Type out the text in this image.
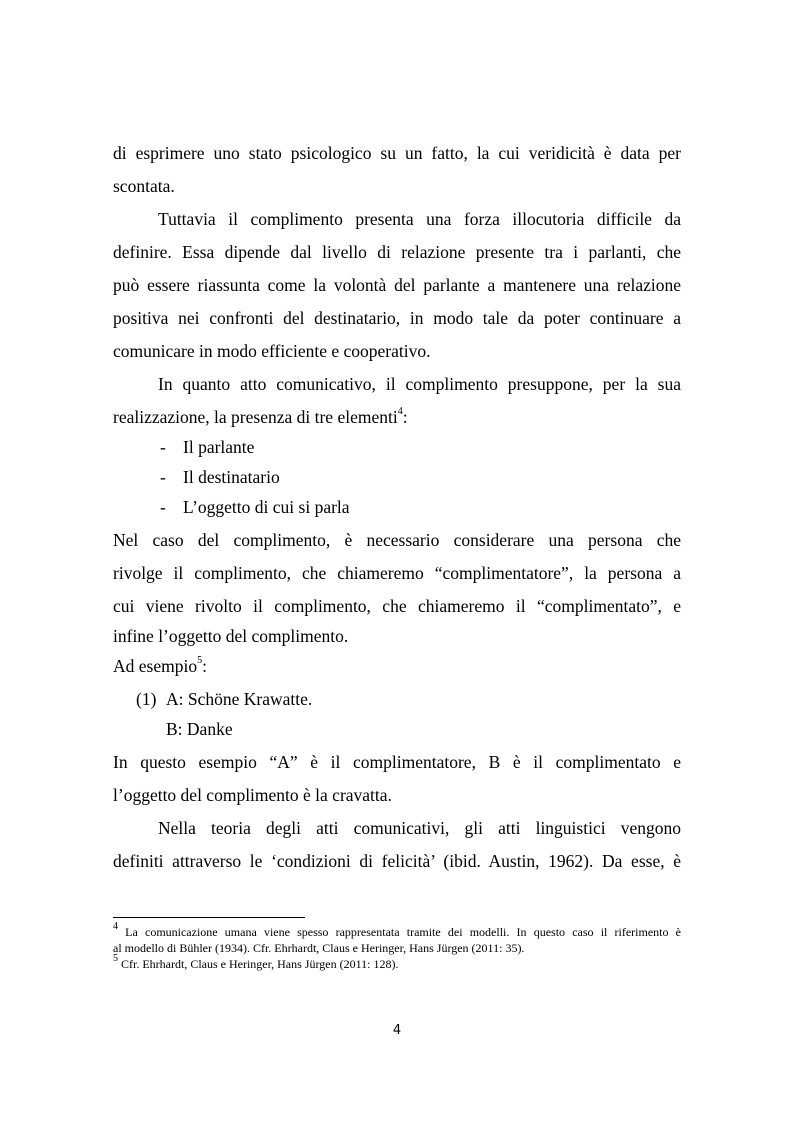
di esprimere uno stato psicologico su un fatto, la cui veridicità è data per
scontata.
Tuttavia il complimento presenta una forza illocutoria difficile da
definire. Essa dipende dal livello di relazione presente tra i parlanti, che
può essere riassunta come la volontà del parlante a mantenere una relazione
positiva nei confronti del destinatario, in modo tale da poter continuare a
comunicare in modo efficiente e cooperativo.
In quanto atto comunicativo, il complimento presuppone, per la sua
realizzazione, la presenza di tre elementi$^4$:
- Il parlante
- Il destinatario
- L’oggetto di cui si parla
Nel caso del complimento, è necessario considerare una persona che
rivolge il complimento, che chiameremo “complimentatore”, la persona a
cui viene rivolto il complimento, che chiameremo il “complimentato”, e
infine l’oggetto del complimento.
Ad esempio$^5$:
(1) A: Schöne Krawatte.
B: Danke
In questo esempio “A” è il complimentatore, B è il complimentato e
l’oggetto del complimento è la cravatta.
Nella teoria degli atti comunicativi, gli atti linguistici vengono
definiti attraverso le ‘condizioni di felicità’ (ibid. Austin, 1962). Da esse, è
$^4$ La comunicazione umana viene spesso rappresentata tramite dei modelli. In questo caso il riferimento è
al modello di Bühler (1934). Cfr. Ehrhardt, Claus e Heringer, Hans Jürgen (2011: 35).
$^5$ Cfr. Ehrhardt, Claus e Heringer, Hans Jürgen (2011: 128).
4
